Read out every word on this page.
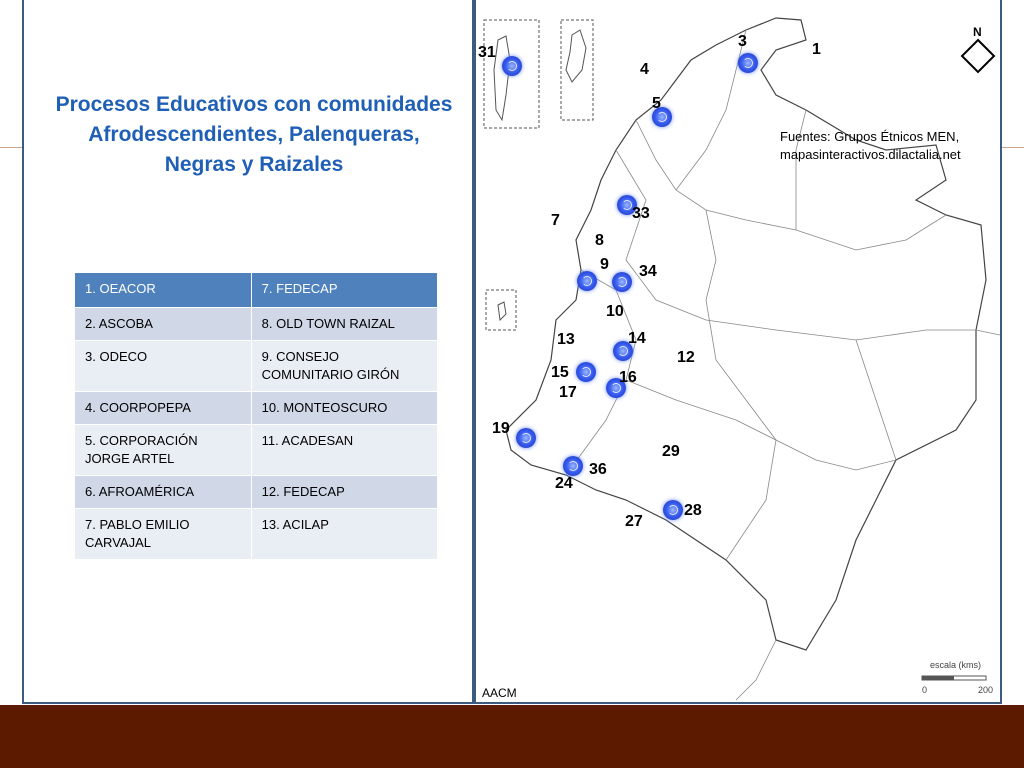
Procesos Educativos con comunidades Afrodescendientes, Palenqueras, Negras y Raizales
1. OEACOR	7. FEDECAP
2. ASCOBA	8. OLD TOWN RAIZAL
3. ODECO	9. CONSEJO COMUNITARIO GIRÓN
4. COORPOPEPA	10. MONTEOSCURO
5. CORPORACIÓN JORGE ARTEL	11. ACADESAN
6. AFROAMÉRICA	12. FEDECAP
7. PABLO EMILIO CARVAJAL	13. ACILAP
N
Fuentes: Grupos Étnicos MEN,
mapasinteractivos.dilactalia.net
3	1
31
4
5
33
7
8
9 34
10
13	14
12
15	16
17
19
29
36
24
28
27
escala (kms)
0	200
AACM
